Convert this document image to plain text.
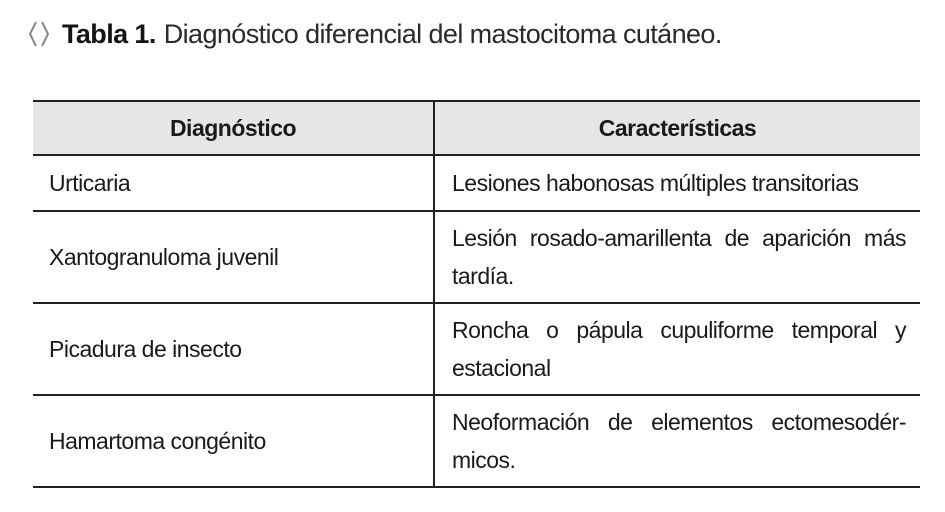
Tabla 1. Diagnóstico diferencial del mastocitoma cutáneo.
Diagnóstico	Características
Urticaria	Lesiones habonosas múltiples transitorias
Xantogranuloma juvenil	Lesión rosado-amarillenta de aparición más tardía.
Picadura de insecto	Roncha o pápula cupuliforme temporal y estacional
Hamartoma congénito	Neoformación de elementos ectomesodér-micos.
